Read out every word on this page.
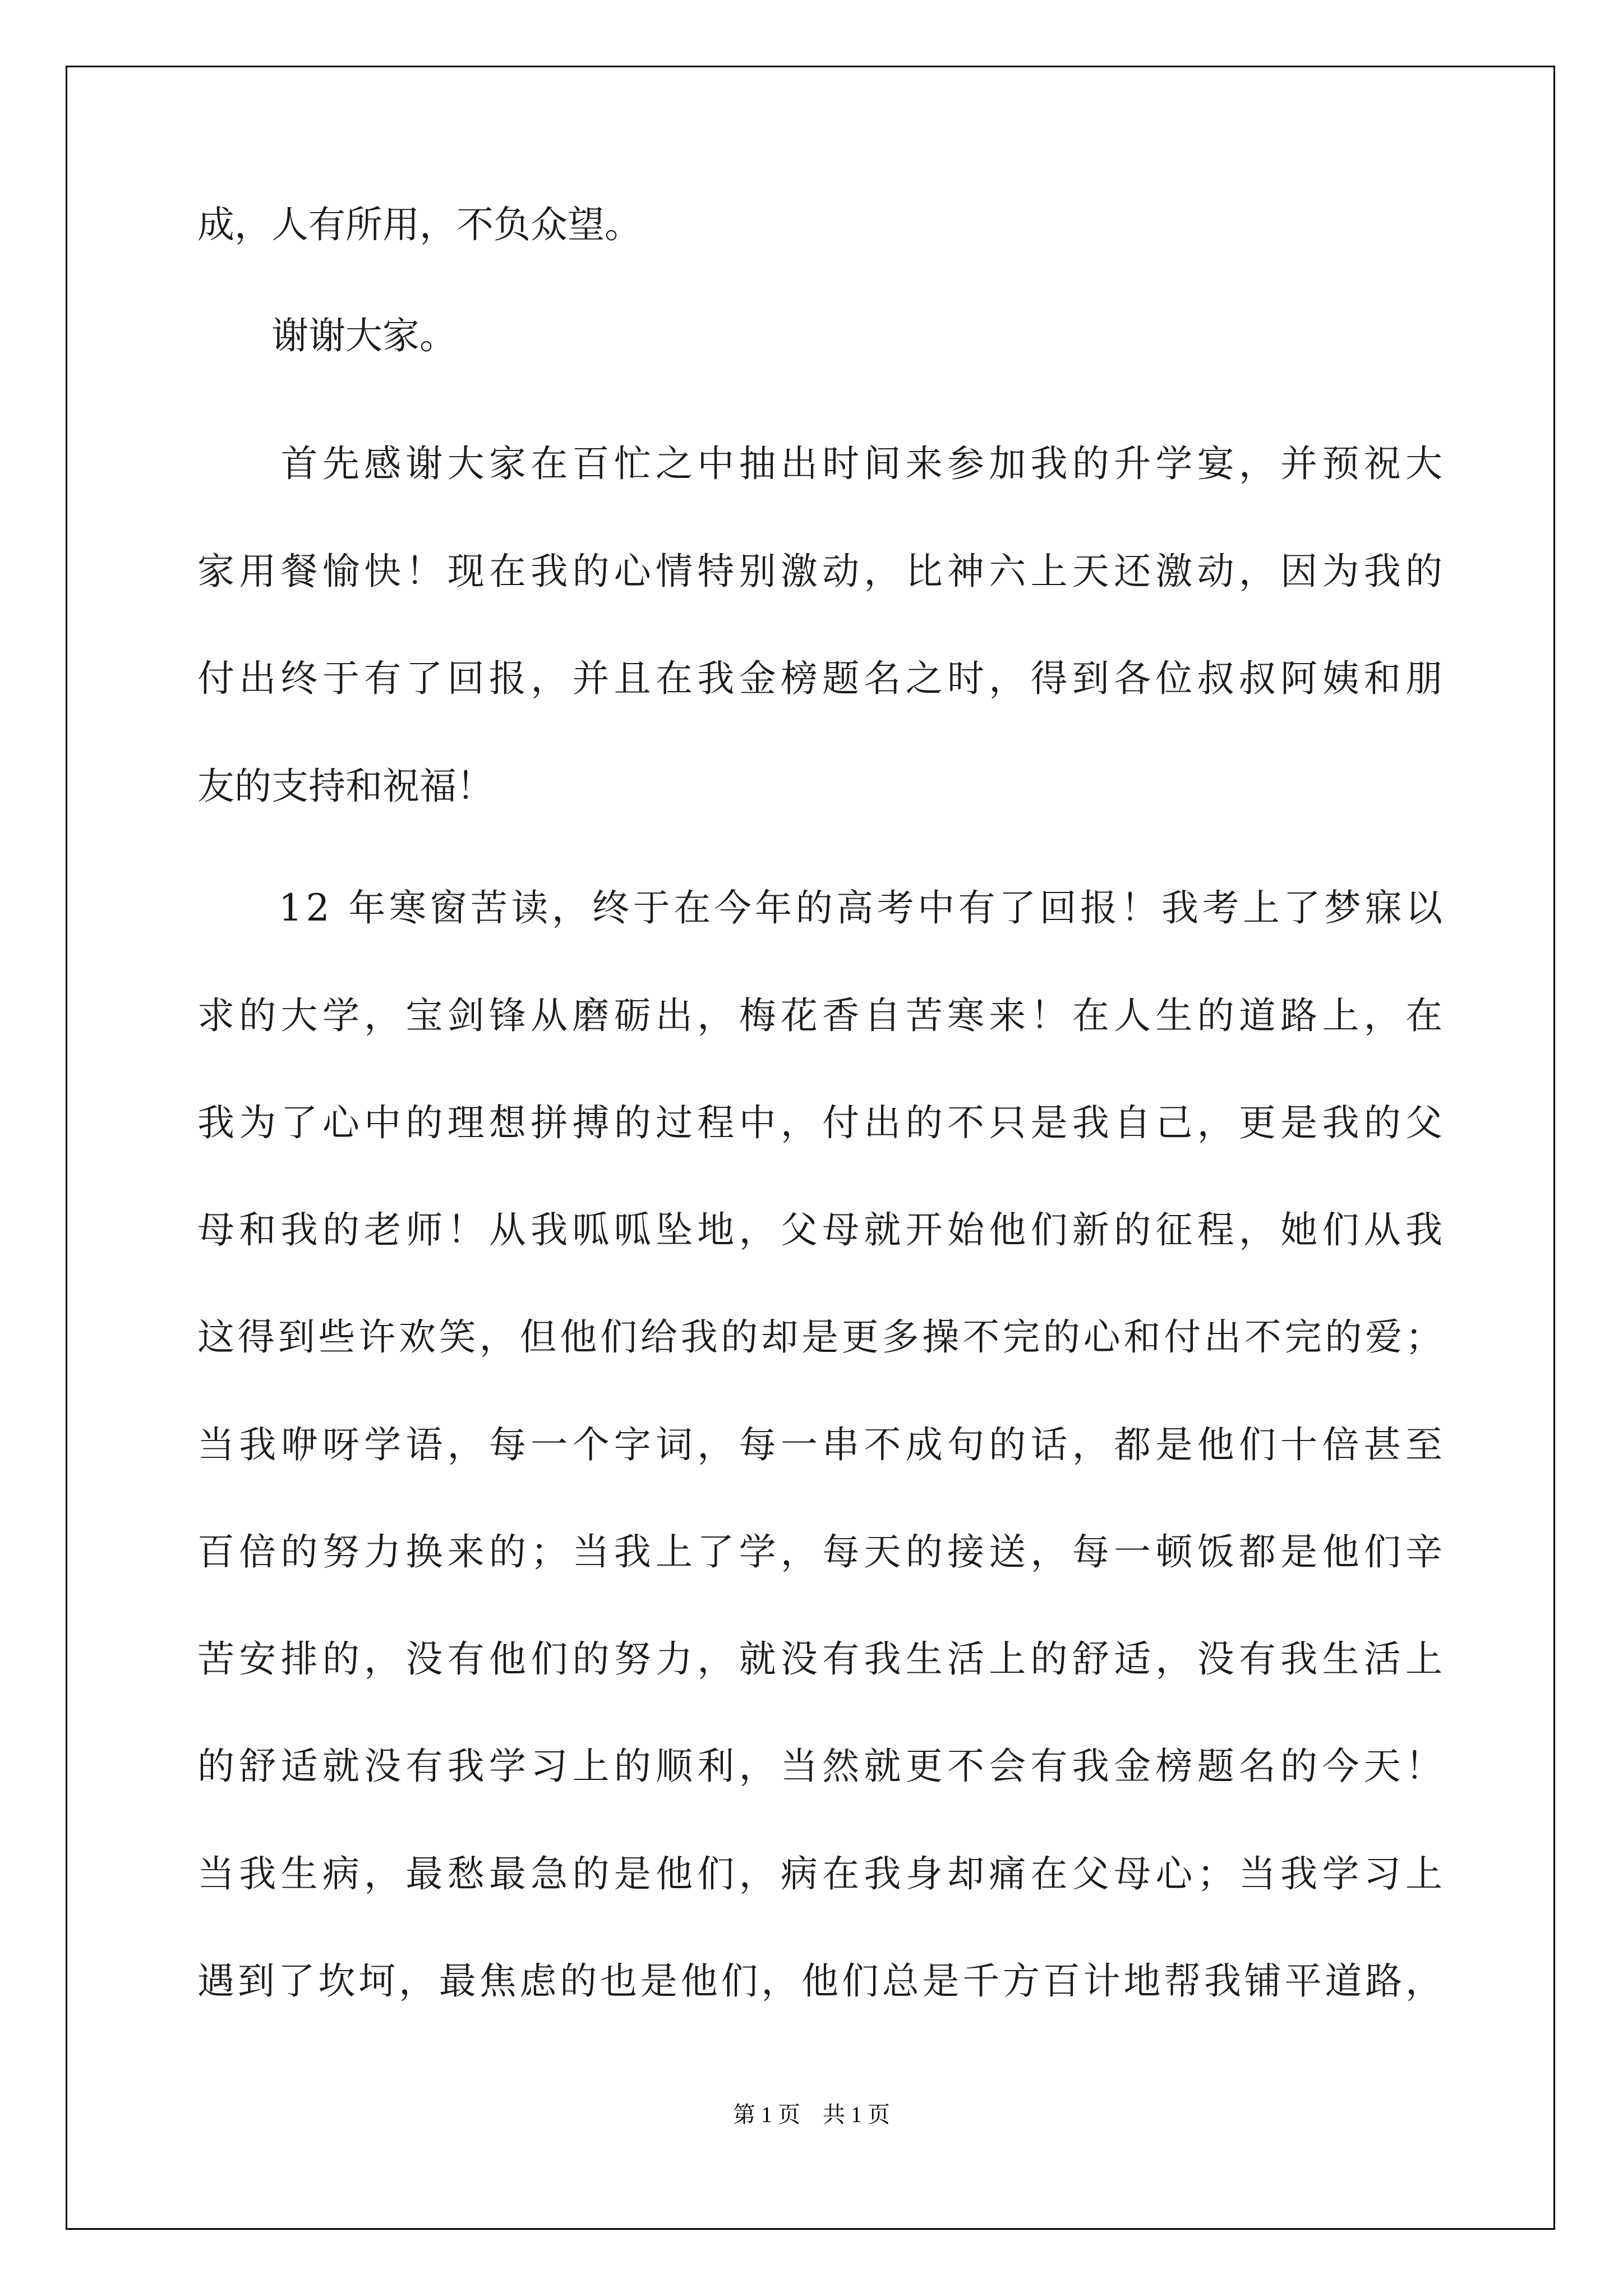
成，人有所用，不负众望。
　　谢谢大家。
　　首先感谢大家在百忙之中抽出时间来参加我的升学宴，并预祝大
家用餐愉快！现在我的心情特别激动，比神六上天还激动，因为我的
付出终于有了回报，并且在我金榜题名之时，得到各位叔叔阿姨和朋
友的支持和祝福！
　　12 年寒窗苦读，终于在今年的高考中有了回报！我考上了梦寐以
求的大学，宝剑锋从磨砺出，梅花香自苦寒来！在人生的道路上，在
我为了心中的理想拼搏的过程中，付出的不只是我自己，更是我的父
母和我的老师！从我呱呱坠地，父母就开始他们新的征程，她们从我
这得到些许欢笑，但他们给我的却是更多操不完的心和付出不完的爱；
当我咿呀学语，每一个字词，每一串不成句的话，都是他们十倍甚至
百倍的努力换来的；当我上了学，每天的接送，每一顿饭都是他们辛
苦安排的，没有他们的努力，就没有我生活上的舒适，没有我生活上
的舒适就没有我学习上的顺利，当然就更不会有我金榜题名的今天！
当我生病，最愁最急的是他们，病在我身却痛在父母心；当我学习上
遇到了坎坷，最焦虑的也是他们，他们总是千方百计地帮我铺平道路，
第 1 页　共 1 页
